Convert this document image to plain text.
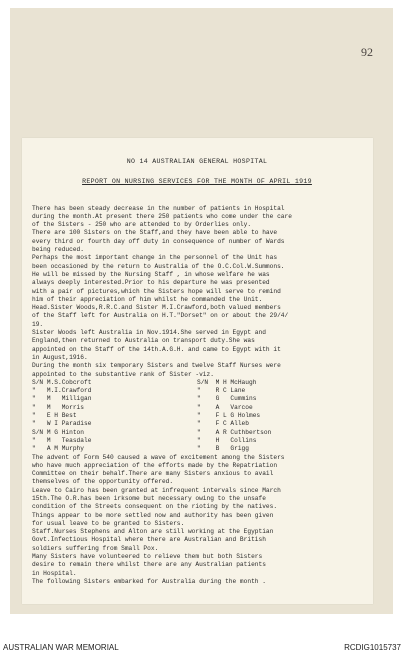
92
NO 14 AUSTRALIAN GENERAL HOSPITAL
REPORT ON NURSING SERVICES FOR THE MONTH OF APRIL 1919
There has been steady decrease in the number of patients in Hospital
during the month.At present there 250 patients who come under the care
of the Sisters - 250 who are attended to by Orderlies only.
There are 100 Sisters on the Staff,and they have been able to have
every third or fourth day off duty in consequence of number of Wards
being reduced.
Perhaps the most important change in the personnel of the Unit has
been occasioned by the return to Australia of the O.C.Col.W.Summons.
He will be missed by the Nursing Staff , in whose welfare he was
always deeply interested.Prior to his departure he was presented
with a pair of pictures,which the Sisters hope will serve to remind
him of their appreciation of him whilst he commanded the Unit.
Head.Sister Woods,R.R.C.and Sister M.I.Crawford,both valued members
of the Staff left for Australia on H.T."Dorset" on or about the 29/4/
19.
Sister Woods left Australia in Nov.1914.She served in Egypt and
England,then returned to Australia on transport duty.She was
appointed on the Staff of the 14th.A.G.H. and came to Egypt with it
in August,1916.
During the month six temporary Sisters and twelve Staff Nurses were
appointed to the substantive rank of Sister -viz.
S/N M.S.Cobcroft
"   M.I.Crawford
"   M   Milligan
"   M   Morris
"   E H Best
"   W I Paradise
S/N M G Hinton
"   M   Teasdale
"   A M Murphy
S/N  M H McHaugh
"    R C Lane
"    G   Cummins
"    A   Varcoe
"    F L G Holmes
"    F C Alleb
"    A R Cuthbertson
"    H   Collins
"    B   Grigg
The advent of Form 540 caused a wave of excitement among the Sisters
who have much appreciation of the efforts made by the Repatriation
Committee on their behalf.There are many Sisters anxious to avail
themselves of the opportunity offered.
Leave to Cairo has been granted at infrequent intervals since March
15th.The O.R.has been irksome but necessary owing to the unsafe
condition of the Streets consequent on the rioting by the natives.
Things appear to be more settled now and authority has been given
for usual leave to be granted to Sisters.
Staff.Nurses Stephens and Alton are still working at the Egyptian
Govt.Infectious Hospital where there are Australian and British
soldiers suffering from Small Pox.
Many Sisters have volunteered to relieve them but both Sisters
desire to remain there whilst there are any Australian patients
in Hospital.
The following Sisters embarked for Australia during the month .
AUSTRALIAN WAR MEMORIAL	RCDIG1015737
